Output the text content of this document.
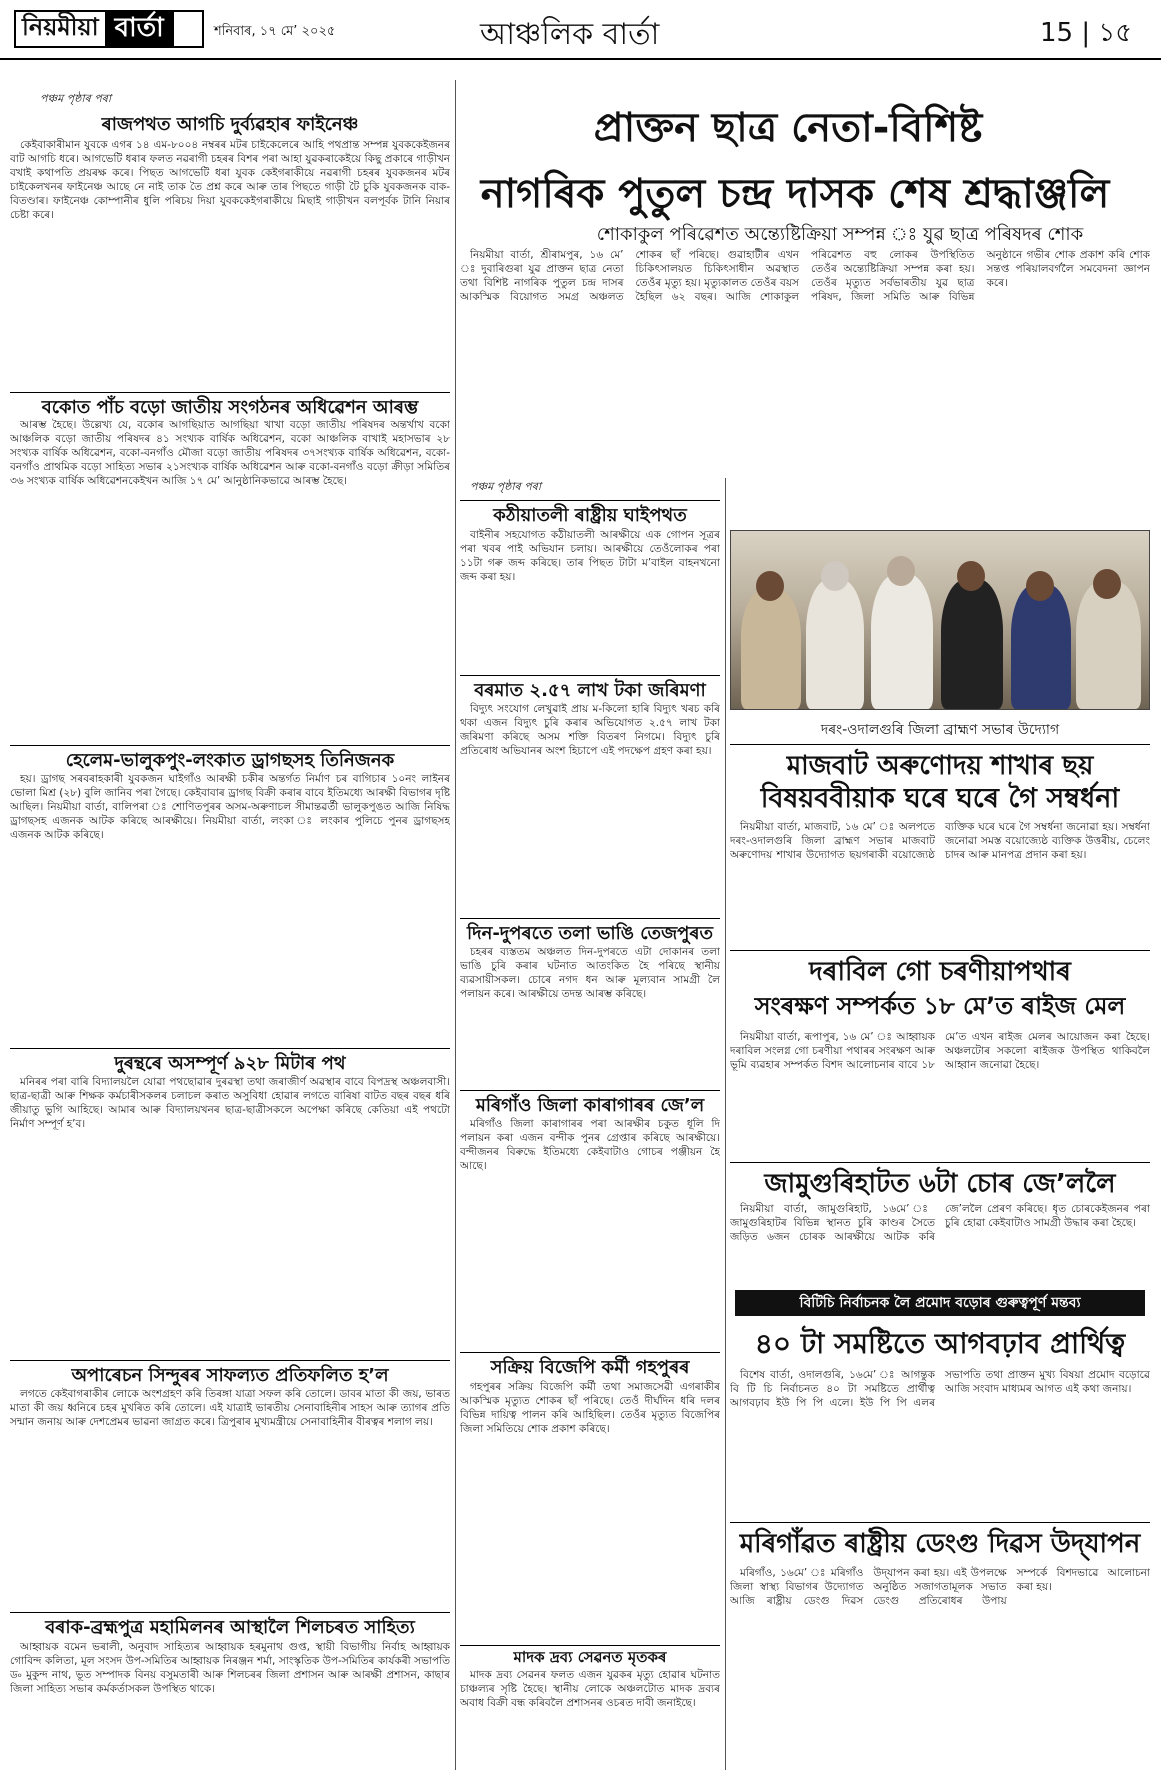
নিয়মীয়া বাৰ্তা	শনিবাৰ, ১৭ মে’ ২০২৫	আঞ্চলিক বাৰ্তা	15 | ১৫
পঞ্চম পৃষ্ঠাৰ পৰা
ৰাজপথত আগচি দুৰ্ব্যৱহাৰ ফাইনেঞ্চ

কেইবাকাৰীমান যুবকে এগৰ ১৪ এম-৮০০৪ নম্বৰৰ মটৰ চাইকেলেৰে আহি পথপ্ৰান্ত সম্পন্ন যুবককেইজনৰ বাট আগচি ধৰে। আগভেটি ধৰাৰ ফলত নৱৰাগী চহৰৰ বিশৰ পৰা আহা যুৱকৰাকেইয়ে কিছু প্ৰকাৰে গাড়ীখন বখাই কথাপতি প্ৰয়ৰক্ষ কৰে। পিছত আগভেটি ধৰা যুবক কেইগৰাকীয়ে নৱৰাগী চহৰৰ যুবকজনৰ মটৰ চাইকেলখনৰ ফাইনেঞ্চ আছে নে নাই তাক তৈ প্ৰশ্ন কৰে আৰু তাৰ পিছতে গাড়ী টৈ চুকি যুবকজনক বাক-বিতণ্ডাৰ। ফাইনেঞ্চ কোম্পানীৰ ধুলি পৰিচয় দিয়া যুবককেইগৰাকীয়ে মিছাই গাড়ীখন বলপূৰ্বক টানি নিয়াৰ চেষ্টা কৰে।

বকোত পাঁচ বড়ো জাতীয় সংগঠনৰ অধিৱেশন আৰম্ভ

আৰম্ভ হৈছে। উল্লেখ্য যে, বকোৰ আগছিয়াত আগছিয়া খাখা বড়ো জাতীয় পৰিষদৰ অন্তৰ্খাখ বকো আঞ্চলিক বড়ো জাতীয় পৰিষদৰ ৪১ সংখ্যক বাৰ্ষিক অধিৱেশন, বকো আঞ্চলিক বাখাই মহাসভাৰ ২৮ সংখ্যক বাৰ্ষিক অধিৱেশন, বকো-বনগাঁও মৌজা বড়ো জাতীয় পৰিষদৰ ৩৭সংখ্যক বাৰ্ষিক অধিৱেশন, বকো-বনগাঁও প্ৰাথমিক বড়ো সাহিত্য সভাৰ ২১সংখ্যক বাৰ্ষিক অধিৱেশন আৰু বকো-বনগাঁও বড়ো ক্ৰীড়া সমিতিৰ ৩৬ সংখ্যক বাৰ্ষিক অধিৱেশনকেইখন আজি ১৭ মে’ আনুষ্ঠানিকভাৱে আৰম্ভ হৈছে।

হেলেম-ভালুকপুং-লংকাত ড্ৰাগছসহ তিনিজনক

হয়। ড্ৰাগছ সৰবৰাহকাৰী যুবকজন ঘাইগাঁও আৰক্ষী চকীৰ অন্তৰ্গত নিৰ্মাণ চৰ বাগিচাৰ ১০নং লাইনৰ ভোলা মিশ্ৰ (২৮) বুলি জানিব পৰা গৈছে। কেইবাবাৰ ড্ৰাগছ বিক্ৰী কৰাৰ বাবে ইতিমধ্যে আৰক্ষী বিভাগৰ দৃষ্টি আছিল। নিয়মীয়া বাৰ্তা, বালিপৰা ঃ শোণিতপুৰৰ অসম-অৰুণাচল সীমান্তৱৰ্তী ভালুকপুঙত আজি নিষিদ্ধ ড্ৰাগছসহ এজনক আটক কৰিছে আৰক্ষীয়ে। নিয়মীয়া বাৰ্তা, লংকা ঃ লংকাৰ পুলিচে পুনৰ ড্ৰাগছসহ এজনক আটক কৰিছে।

দুৰন্থৰে অসম্পূৰ্ণ ৯২৮ মিটাৰ পথ

মনিৰৰ পৰা বাৰি বিদ্যালয়লৈ যোৱা পথছোৱাৰ দুৰৱস্থা তথা জৰাজীৰ্ণ অৱস্থাৰ বাবে বিপদ্ৰস্থ অঞ্চলবাসী। ছাত্ৰ-ছাত্ৰী আৰু শিক্ষক কৰ্মচাৰীসকলৰ চলাচল কৰাত অসুবিধা হোৱাৰ লগতে বাৰিষা বাটত বছৰ বছৰ ধৰি জীয়াতু ভুগি আহিছে। আমাৰ আৰু বিদ্যালয়খনৰ ছাত্ৰ-ছাত্ৰীসকলে অপেক্ষা কৰিছে কেতিয়া এই পথটো নিৰ্মাণ সম্পূৰ্ণ হ’ব।

অপাৰেচন সিন্দুৰৰ সাফল্যত প্ৰতিফলিত হ’ল

লগতে কেইবাগৰাকীৰ লোকে অংশগ্ৰহণ কৰি তিৰঙ্গা যাত্ৰা সফল কৰি তোলে। ডাবৰ মাতা কী জয়, ভাৰত মাতা কী জয় ধ্বনিৰে চহৰ মুখৰিত কৰি তোলে। এই যাত্ৰাই ভাৰতীয় সেনাবাহিনীৰ সাহস আৰু ত্যাগৰ প্ৰতি সন্মান জনায় আৰু দেশপ্ৰেমৰ ভাৱনা জাগ্ৰত কৰে। ত্ৰিপুৰাৰ মুখ্যমন্ত্ৰীয়ে সেনাবাহিনীৰ বীৰত্বৰ শলাগ লয়।

বৰাক-ব্ৰহ্মপুত্ৰ মহামিলনৰ আস্থালৈ শিলচৰত সাহিত্য

আহ্বায়ক বমেন ভৰালী, অনুবাদ সাহিত্যৰ আহ্বায়ক হৰমুনাথ গুপ্ত, স্থায়ী বিভাগীয় নিৰ্বাহ আহ্বায়ক গোবিন্দ কলিতা, মূল সংসদ উপ-সমিতিৰ আহ্বায়ক নিৰঞ্জন শৰ্মা, সাংস্কৃতিক উপ-সমিতিৰ কাৰ্যকৰী সভাপতি ড৹ মুকুন্দ নাথ, ভূত সম্পাদক বিনয় বসুমতাৰী আৰু শিলচৰৰ জিলা প্ৰশাসন আৰু আৰক্ষী প্ৰশাসন, কাছাৰ জিলা সাহিত্য সভাৰ কৰ্মকৰ্তাসকল উপস্থিত থাকে।

প্ৰাক্তন ছাত্ৰ নেতা-বিশিষ্ট
নাগৰিক পুতুল চন্দ্ৰ দাসক শেষ শ্ৰদ্ধাঞ্জলি
শোকাকুল পৰিৱেশত অন্ত্যেষ্টিক্ৰিয়া সম্পন্ন ঃ যুৱ ছাত্ৰ পৰিষদৰ শোক

নিয়মীয়া বাৰ্তা, শ্ৰীৰামপুৰ, ১৬ মে’ ঃ দুবাৰিগুৰা যুৱ প্ৰাক্তন ছাত্ৰ নেতা তথা বিশিষ্ট নাগৰিক পুতুল চন্দ্ৰ দাসৰ আকস্মিক বিয়োগত সমগ্ৰ অঞ্চলত শোকৰ ছাঁ পৰিছে। গুৱাহাটীৰ এখন চিকিৎসালয়ত চিকিৎসাধীন অৱস্থাত তেওঁৰ মৃত্যু হয়। মৃত্যুকালত তেওঁৰ বয়স হৈছিল ৬২ বছৰ। আজি শোকাকুল পৰিৱেশত বহু লোকৰ উপস্থিতিত তেওঁৰ অন্ত্যেষ্টিক্ৰিয়া সম্পন্ন কৰা হয়। তেওঁৰ মৃত্যুত সৰ্বভাৰতীয় যুৱ ছাত্ৰ পৰিষদ, জিলা সমিতি আৰু বিভিন্ন অনুষ্ঠানে গভীৰ শোক প্ৰকাশ কৰি শোক সন্তপ্ত পৰিয়ালবৰ্গলৈ সমবেদনা জ্ঞাপন কৰে।

পঞ্চম পৃষ্ঠাৰ পৰা
কঠীয়াতলী ৰাষ্ট্ৰীয় ঘাইপথত

বাইনীৰ সহযোগত কঠীয়াতলী আৰক্ষীয়ে এক গোপন সূত্ৰৰ পৰা খবৰ পাই অভিযান চলায়। আৰক্ষীয়ে তেওঁলোকৰ পৰা ১১টা গৰু জব্দ কৰিছে। তাৰ পিছত টাটা ম’বাইল বাহনখনো জব্দ কৰা হয়।

বৰমাত ২.৫৭ লাখ টকা জৰিমণা

বিদ্যুৎ সংযোগ লেখুৱাই প্ৰায় ম-কিলো হাৰি বিদ্যুৎ খৰচ কৰি থকা এজন বিদ্যুৎ চুৰি কৰাৰ অভিযোগত ২.৫৭ লাখ টকা জৰিমণা কৰিছে অসম শক্তি বিতৰণ নিগমে। বিদ্যুৎ চুৰি প্ৰতিৰোধ অভিযানৰ অংশ হিচাপে এই পদক্ষেপ গ্ৰহণ কৰা হয়।

দিন-দুপৰতে তলা ভাঙি তেজপুৰত

চহৰৰ ব্যস্ততম অঞ্চলত দিন-দুপৰতে এটা দোকানৰ তলা ভাঙি চুৰি কৰাৰ ঘটনাত আতংকিত হৈ পৰিছে স্থানীয় ব্যৱসায়ীসকল। চোৰে নগদ ধন আৰু মূল্যবান সামগ্ৰী লৈ পলায়ন কৰে। আৰক্ষীয়ে তদন্ত আৰম্ভ কৰিছে।

মৰিগাঁও জিলা কাৰাগাৰৰ জে’ল

মৰিগাঁও জিলা কাৰাগাৰৰ পৰা আৰক্ষীৰ চকুত ধূলি দি পলায়ন কৰা এজন বন্দীক পুনৰ গ্ৰেপ্তাৰ কৰিছে আৰক্ষীয়ে। বন্দীজনৰ বিৰুদ্ধে ইতিমধ্যে কেইবাটাও গোচৰ পঞ্জীয়ন হৈ আছে।

সক্ৰিয় বিজেপি কৰ্মী গহপুৰৰ

গহপুৰৰ সক্ৰিয় বিজেপি কৰ্মী তথা সমাজসেৱী এগৰাকীৰ আকস্মিক মৃত্যুত শোকৰ ছাঁ পৰিছে। তেওঁ দীৰ্ঘদিন ধৰি দলৰ বিভিন্ন দায়িত্ব পালন কৰি আহিছিল। তেওঁৰ মৃত্যুত বিজেপিৰ জিলা সমিতিয়ে শোক প্ৰকাশ কৰিছে।

মাদক দ্ৰব্য সেৱনত মৃতকৰ

মাদক দ্ৰব্য সেৱনৰ ফলত এজন যুৱকৰ মৃত্যু হোৱাৰ ঘটনাত চাঞ্চল্যৰ সৃষ্টি হৈছে। স্থানীয় লোকে অঞ্চলটোত মাদক দ্ৰব্যৰ অবাধ বিক্ৰী বন্ধ কৰিবলৈ প্ৰশাসনৰ ওচৰত দাবী জনাইছে।

দৰং-ওদালগুৰি জিলা ব্ৰাহ্মণ সভাৰ উদ্যোগ
মাজবাট অৰুণোদয় শাখাৰ ছয়
বিষয়ববীয়াক ঘৰে ঘৰে গৈ সম্বৰ্ধনা

নিয়মীয়া বাৰ্তা, মাজবাট, ১৬ মে’ ঃ অলপতে দৰং-ওদালগুৰি জিলা ব্ৰাহ্মণ সভাৰ মাজবাট অৰুণোদয় শাখাৰ উদ্যোগত ছয়গৰাকী বয়োজ্যেষ্ঠ ব্যক্তিক ঘৰে ঘৰে গৈ সম্বৰ্ধনা জনোৱা হয়। সম্বৰ্ধনা জনোৱা সমস্ত বয়োজ্যেষ্ঠ ব্যক্তিক উত্তৰীয়, চেলেং চাদৰ আৰু মানপত্ৰ প্ৰদান কৰা হয়।

দৰাবিল গো চৰণীয়াপথাৰ
সংৰক্ষণ সম্পৰ্কত ১৮ মে’ত ৰাইজ মেল

নিয়মীয়া বাৰ্তা, ৰূপাপুৰ, ১৬ মে’ ঃ আহ্বায়ক দৰাবিল সংলগ্ন গো চৰণীয়া পথাৰৰ সংৰক্ষণ আৰু ভূমি ব্যৱহাৰ সম্পৰ্কত বিশদ আলোচনাৰ বাবে ১৮ মে’ত এখন ৰাইজ মেলৰ আয়োজন কৰা হৈছে। অঞ্চলটোৰ সকলো ৰাইজক উপস্থিত থাকিবলৈ আহ্বান জনোৱা হৈছে।

জামুগুৰিহাটত ৬টা চোৰ জে’ললৈ

নিয়মীয়া বাৰ্তা, জামুগুৰিহাট, ১৬মে’ ঃ জামুগুৰিহাটৰ বিভিন্ন স্থানত চুৰি কাণ্ডৰ সৈতে জড়িত ৬জন চোৰক আৰক্ষীয়ে আটক কৰি জে’ললৈ প্ৰেৰণ কৰিছে। ধৃত চোৰকেইজনৰ পৰা চুৰি হোৱা কেইবাটাও সামগ্ৰী উদ্ধাৰ কৰা হৈছে।

বিটিচি নিৰ্বাচনক লৈ প্ৰমোদ বড়োৰ গুৰুত্বপূৰ্ণ মন্তব্য
৪০ টা সমষ্টিতে আগবঢ়াব প্ৰাৰ্থিত্ব

বিশেষ বাৰ্তা, ওদালগুৰি, ১৬মে’ ঃ আগন্তুক বি টি চি নিৰ্বাচনত ৪০ টা সমষ্টিতে প্ৰাৰ্থীত্ব আগবঢ়াব ইউ পি পি এলে। ইউ পি পি এলৰ সভাপতি তথা প্ৰাক্তন মুখ্য বিষয়া প্ৰমোদ বড়োৱে আজি সংবাদ মাধ্যমৰ আগত এই কথা জনায়।

মৰিগাঁৱত ৰাষ্ট্ৰীয় ডেংগু দিৱস উদ্‌যাপন

মৰিগাঁও, ১৬মে’ ঃ মৰিগাঁও জিলা স্বাস্থ্য বিভাগৰ উদ্যোগত আজি ৰাষ্ট্ৰীয় ডেংগু দিৱস উদ্‌যাপন কৰা হয়। এই উপলক্ষে অনুষ্ঠিত সজাগতামূলক সভাত ডেংগু প্ৰতিৰোধৰ উপায় সম্পৰ্কে বিশদভাৱে আলোচনা কৰা হয়।
